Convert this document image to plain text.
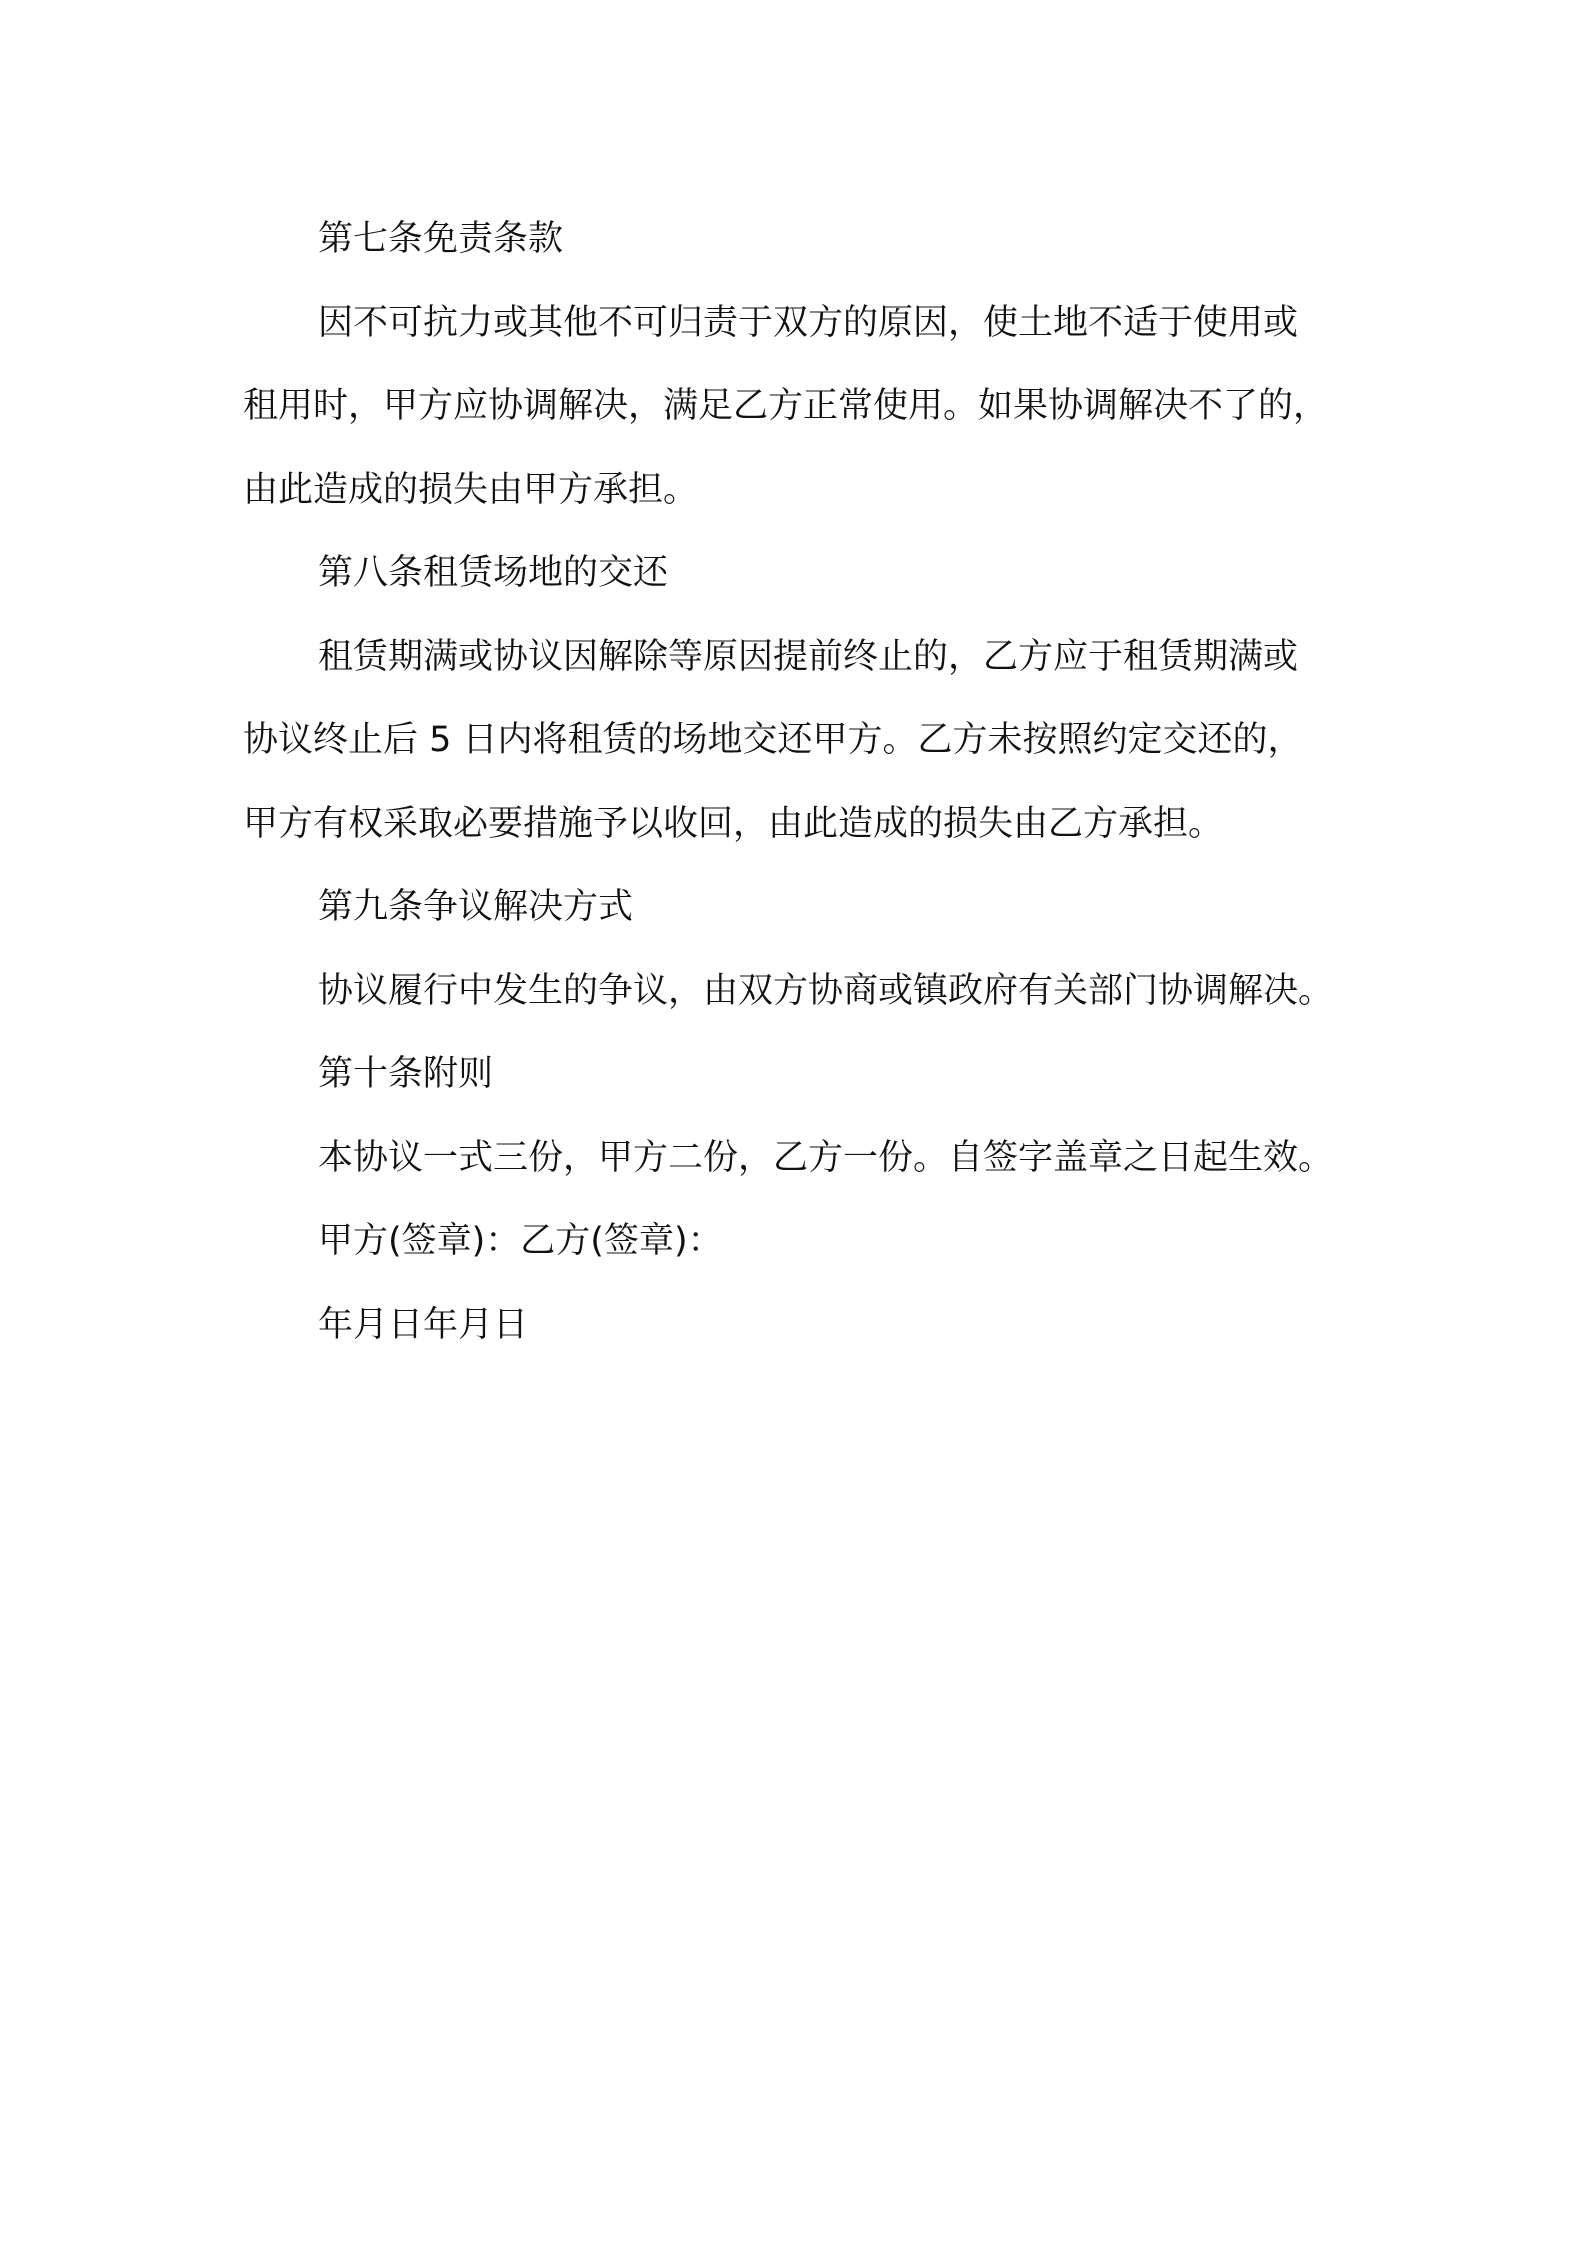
第七条免责条款
因不可抗力或其他不可归责于双方的原因，使土地不适于使用或
租用时，甲方应协调解决，满足乙方正常使用。如果协调解决不了的，
由此造成的损失由甲方承担。
第八条租赁场地的交还
租赁期满或协议因解除等原因提前终止的，乙方应于租赁期满或
协议终止后 5 日内将租赁的场地交还甲方。乙方未按照约定交还的，
甲方有权采取必要措施予以收回，由此造成的损失由乙方承担。
第九条争议解决方式
协议履行中发生的争议，由双方协商或镇政府有关部门协调解决。
第十条附则
本协议一式三份，甲方二份，乙方一份。自签字盖章之日起生效。
甲方(签章)：乙方(签章)：
年月日年月日
